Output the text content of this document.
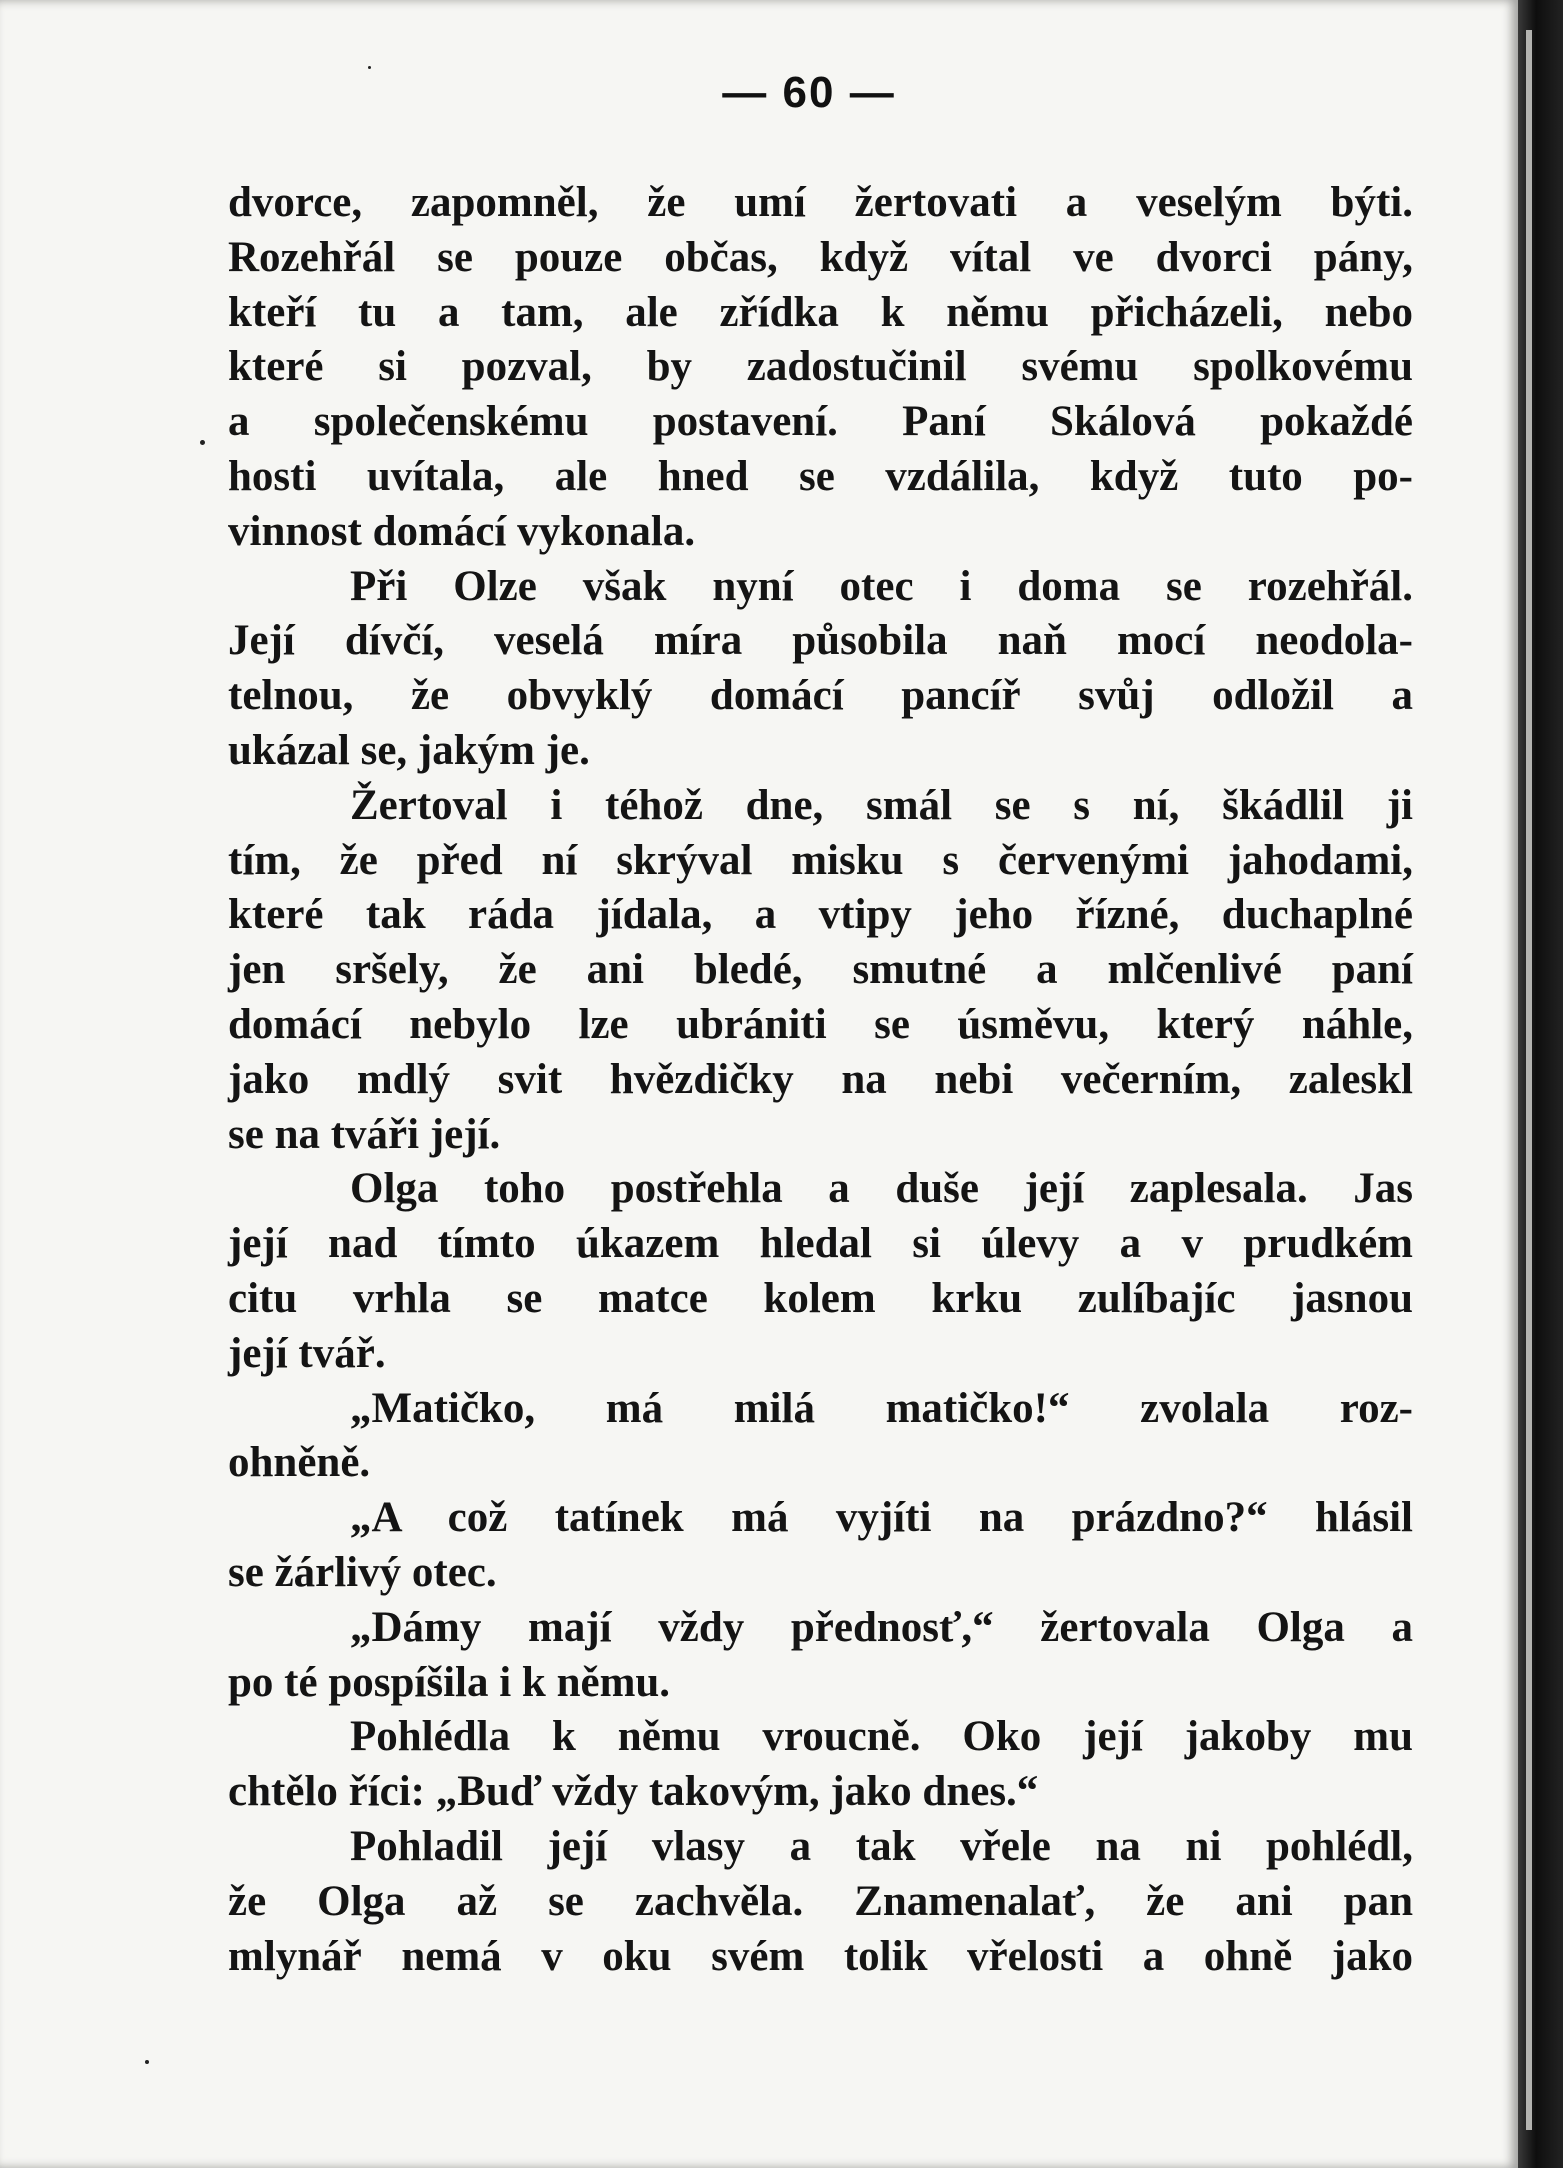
— 60 —
dvorce, zapomněl, že umí žertovati a veselým býti.
Rozehřál se pouze občas, když vítal ve dvorci pány,
kteří tu a tam, ale zřídka k němu přicházeli, nebo
které si pozval, by zadostučinil svému spolkovému
a společenskému postavení. Paní Skálová pokaždé
hosti uvítala, ale hned se vzdálila, když tuto po-
vinnost domácí vykonala.
Při Olze však nyní otec i doma se rozehřál.
Její dívčí, veselá míra působila naň mocí neodola-
telnou, že obvyklý domácí pancíř svůj odložil a
ukázal se, jakým je.
Žertoval i téhož dne, smál se s ní, škádlil ji
tím, že před ní skrýval misku s červenými jahodami,
které tak ráda jídala, a vtipy jeho řízné, duchaplné
jen sršely, že ani bledé, smutné a mlčenlivé paní
domácí nebylo lze ubrániti se úsměvu, který náhle,
jako mdlý svit hvězdičky na nebi večerním, zaleskl
se na tváři její.
Olga toho postřehla a duše její zaplesala. Jas
její nad tímto úkazem hledal si úlevy a v prudkém
citu vrhla se matce kolem krku zulíbajíc jasnou
její tvář.
„Matičko, má milá matičko!“ zvolala roz-
ohněně.
„A což tatínek má vyjíti na prázdno?“ hlásil
se žárlivý otec.
„Dámy mají vždy přednosť,“ žertovala Olga a
po té pospíšila i k němu.
Pohlédla k němu vroucně. Oko její jakoby mu
chtělo říci: „Buď vždy takovým, jako dnes.“
Pohladil její vlasy a tak vřele na ni pohlédl,
že Olga až se zachvěla. Znamenalať, že ani pan
mlynář nemá v oku svém tolik vřelosti a ohně jako
